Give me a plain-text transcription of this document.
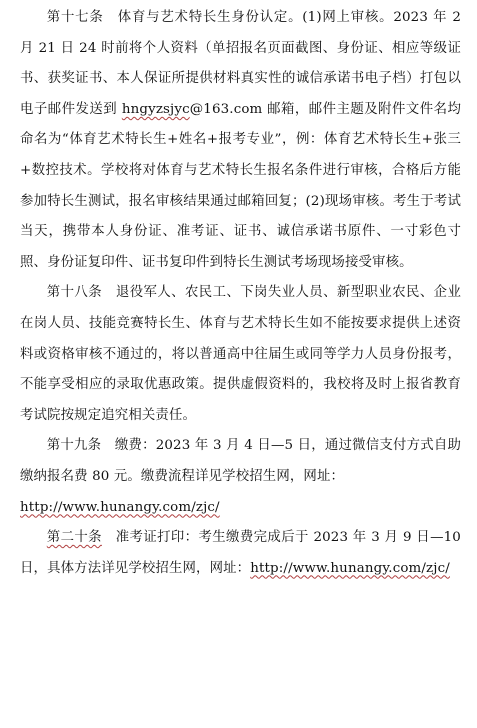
第十七条　体育与艺术特长生身份认定。(1)网上审核。2023 年 2 月 21 日 24 时前将个人资料（单招报名页面截图、身份证、相应等级证书、获奖证书、本人保证所提供材料真实性的诚信承诺书电子档）打包以电子邮件发送到 hngyzsjyc@163.com 邮箱，邮件主题及附件文件名均命名为“体育艺术特长生+姓名+报考专业”，例：体育艺术特长生+张三+数控技术。学校将对体育与艺术特长生报名条件进行审核，合格后方能参加特长生测试，报名审核结果通过邮箱回复；(2)现场审核。考生于考试当天，携带本人身份证、准考证、证书、诚信承诺书原件、一寸彩色寸照、身份证复印件、证书复印件到特长生测试考场现场接受审核。

第十八条　退役军人、农民工、下岗失业人员、新型职业农民、企业在岗人员、技能竞赛特长生、体育与艺术特长生如不能按要求提供上述资料或资格审核不通过的，将以普通高中往届生或同等学力人员身份报考，不能享受相应的录取优惠政策。提供虚假资料的，我校将及时上报省教育考试院按规定追究相关责任。

第十九条　缴费：2023 年 3 月 4 日—5 日，通过微信支付方式自助缴纳报名费 80 元。缴费流程详见学校招生网，网址：
http://www.hunangy.com/zjc/

第二十条　准考证打印：考生缴费完成后于 2023 年 3 月 9 日—10 日，具体方法详见学校招生网，网址：http://www.hunangy.com/zjc/
